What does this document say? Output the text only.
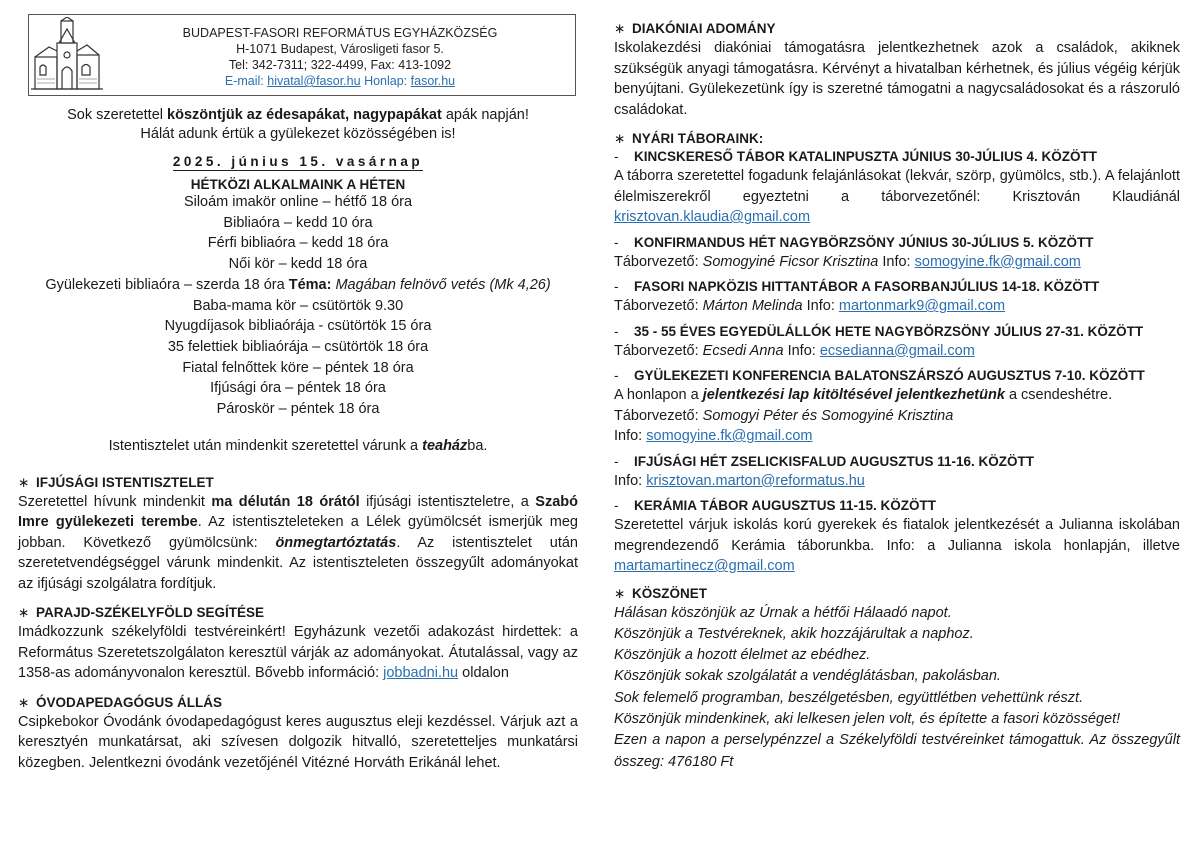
BUDAPEST-FASORI REFORMÁTUS EGYHÁZKÖZSÉG
H-1071 Budapest, Városligeti fasor 5.
Tel: 342-7311; 322-4499, Fax: 413-1092
E-mail: hivatal@fasor.hu Honlap: fasor.hu
Sok szeretettel köszöntjük az édesapákat, nagypapákat apák napján!
Hálát adunk értük a gyülekezet közösségében is!
2025. június 15. vasárnap
HÉTKÖZI ALKALMAINK A HÉTEN
Siloám imakör online – hétfő 18 óra
Bibliaóra – kedd 10 óra
Férfi bibliaóra – kedd 18 óra
Női kör – kedd 18 óra
Gyülekezeti bibliaóra – szerda 18 óra Téma: Magában felnövő vetés (Mk 4,26)
Baba-mama kör – csütörtök 9.30
Nyugdíjasok bibliaórája - csütörtök 15 óra
35 felettiek bibliaórája – csütörtök 18 óra
Fiatal felnőttek köre – péntek 18 óra
Ifjúsági óra – péntek 18 óra
Pároskör – péntek 18 óra
Istentisztelet után mindenkit szeretettel várunk a teaházba.
∗ IFJÚSÁGI ISTENTISZTELET
Szeretettel hívunk mindenkit ma délután 18 órától ifjúsági istentiszteletre, a Szabó Imre gyülekezeti terembe. Az istentiszteleteken a Lélek gyümölcsét ismerjük meg jobban. Következő gyümölcsünk: önmegtartóztatás. Az istentisztelet után szeretetvendégséggel várunk mindenkit. Az istentiszteleten összegyűlt adományokat az ifjúsági szolgálatra fordítjuk.
∗ PARAJD-SZÉKELYFÖLD SEGÍTÉSE
Imádkozzunk székelyföldi testvéreinkért! Egyházunk vezetői adakozást hirdettek: a Református Szeretetszolgálaton keresztül várják az adományokat. Átutalással, vagy az 1358-as adományvonalon keresztül. Bővebb információ: jobbadni.hu oldalon
∗ ÓVODAPEDAGÓGUS ÁLLÁS
Csipkebokor Óvodánk óvodapedagógust keres augusztus eleji kezdéssel. Várjuk azt a keresztyén munkatársat, aki szívesen dolgozik hitvalló, szeretetteljes munkatársi közegben. Jelentkezni óvodánk vezetőjénél Vitézné Horváth Erikánál lehet.
∗ DIAKÓNIAI ADOMÁNY
Iskolakezdési diakóniai támogatásra jelentkezhetnek azok a családok, akiknek szükségük anyagi támogatásra. Kérvényt a hivatalban kérhetnek, és július végéig kérjük benyújtani. Gyülekezetünk így is szeretné támogatni a nagycsaládosokat és a rászoruló családokat.
∗ NYÁRI TÁBORAINK:
- KINCSKERESŐ TÁBOR KATALINPUSZTA JÚNIUS 30-JÚLIUS 4. KÖZÖTT
A táborra szeretettel fogadunk felajánlásokat (lekvár, szörp, gyümölcs, stb.). A felajánlott élelmiszerekről egyeztetni a táborvezetőnél: Krisztován Klaudiánál krisztovan.klaudia@gmail.com
- KONFIRMANDUS HÉT NAGYBÖRZSÖNY JÚNIUS 30-JÚLIUS 5. KÖZÖTT
Táborvezető: Somogyiné Ficsor Krisztina Info: somogyine.fk@gmail.com
- FASORI NAPKÖZIS HITTANTÁBOR A FASORBANJÚLIUS 14-18. KÖZÖTT
Táborvezető: Márton Melinda Info: martonmark9@gmail.com
- 35 - 55 ÉVES EGYEDÜLÁLLÓK HETE NAGYBÖRZSÖNY JÚLIUS 27-31. KÖZÖTT
Táborvezető: Ecsedi Anna Info: ecsedianna@gmail.com
- GYÜLEKEZETI KONFERENCIA BALATONSZÁRSZÓ AUGUSZTUS 7-10. KÖZÖTT
A honlapon a jelentkezési lap kitöltésével jelentkezhetünk a csendeshétre.
Táborvezető: Somogyi Péter és Somogyiné Krisztina
Info: somogyine.fk@gmail.com
- IFJÚSÁGI HÉT ZSELICKISFALUD AUGUSZTUS 11-16. KÖZÖTT
Info: krisztovan.marton@reformatus.hu
- KERÁMIA TÁBOR AUGUSZTUS 11-15. KÖZÖTT
Szeretettel várjuk iskolás korú gyerekek és fiatalok jelentkezését a Julianna iskolában megrendezendő Kerámia táborunkba. Info: a Julianna iskola honlapján, illetve martamartinecz@gmail.com
∗ KÖSZÖNET
Hálásan köszönjük az Úrnak a hétfői Hálaadó napot.
Köszönjük a Testvéreknek, akik hozzájárultak a naphoz.
Köszönjük a hozott élelmet az ebédhez.
Köszönjük sokak szolgálatát a vendéglátásban, pakolásban.
Sok felemelő programban, beszélgetésben, együttlétben vehettünk részt.
Köszönjük mindenkinek, aki lelkesen jelen volt, és építette a fasori közösséget!
Ezen a napon a perselypénzzel a Székelyföldi testvéreinket támogattuk. Az összegyűlt összeg: 476180 Ft
